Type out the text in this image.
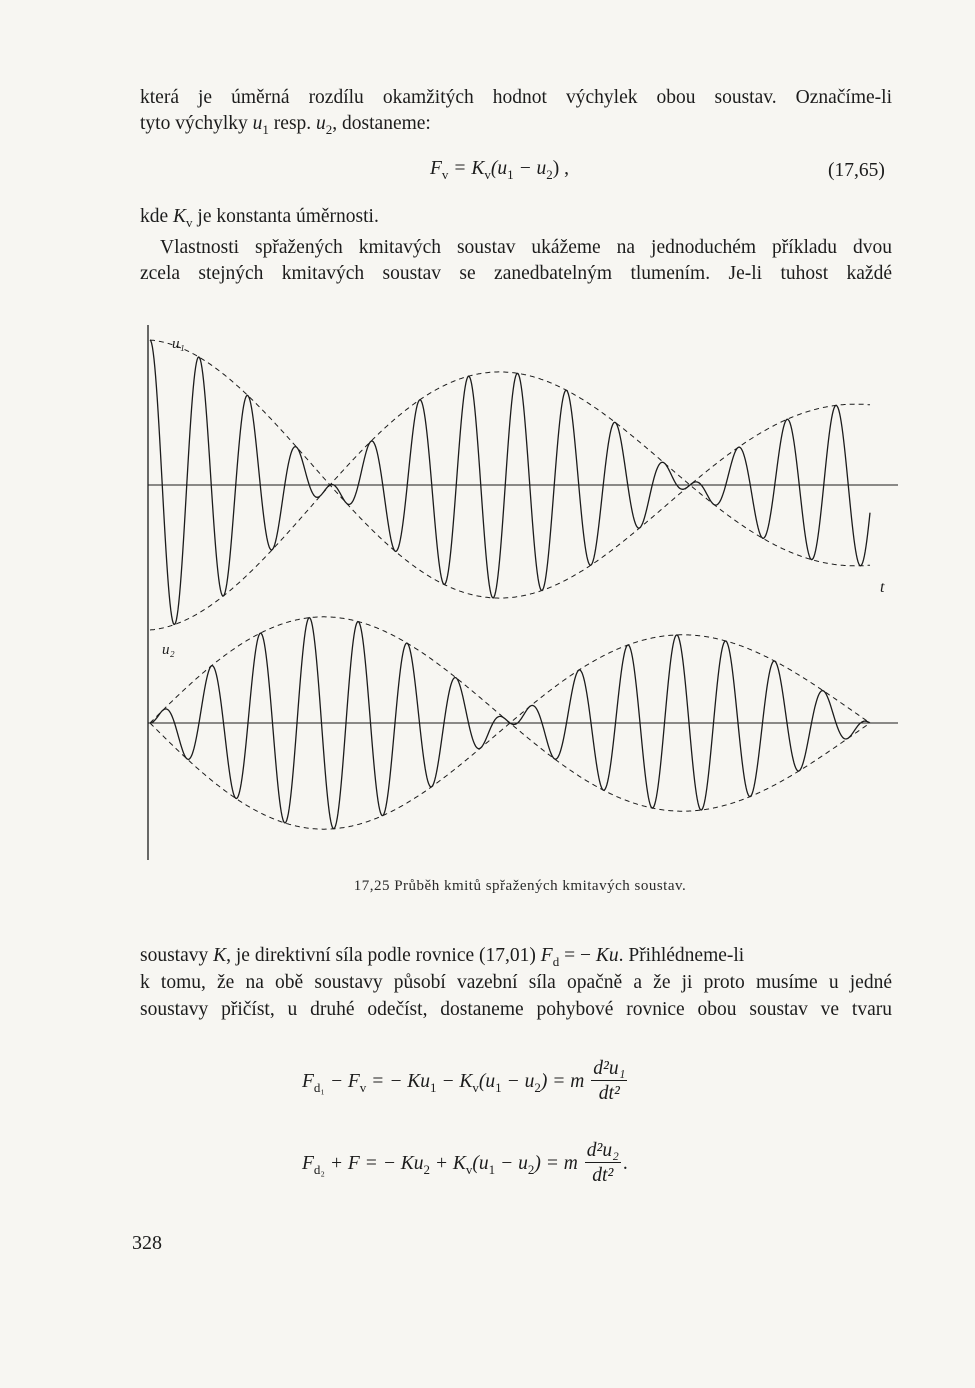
která je úměrná rozdílu okamžitých hodnot výchylek obou soustav. Označíme-li
tyto výchylky $u_1$ resp. $u_2$, dostaneme:
$F_v = K_v(u_1 - u_2)$ ,	(17,65)
kde $K_v$ je konstanta úměrnosti.
Vlastnosti spřažených kmitavých soustav ukážeme na jednoduchém příkladu dvou
zcela stejných kmitavých soustav se zanedbatelným tlumením. Je-li tuhost každé
u₁
u₂
t
17,25 Průběh kmitů spřažených kmitavých soustav.
soustavy K, je direktivní síla podle rovnice (17,01) $F_d$ = − Ku. Přihlédneme-li
k tomu, že na obě soustavy působí vazební síla opačně a že ji proto musíme u jedné
soustavy přičíst, u druhé odečíst, dostaneme pohybové rovnice obou soustav ve tvaru
$F_{d_1} - F_v$ = − $Ku_1 - K_v(u_1 - u_2) = m \frac{\text{d²u₁}}{\text{dt²}}$
$F_{d_2} + F$ = − $Ku_2 + K_v(u_1 - u_2) = m \frac{\text{d²u₂}}{\text{dt²}}$ .
328
